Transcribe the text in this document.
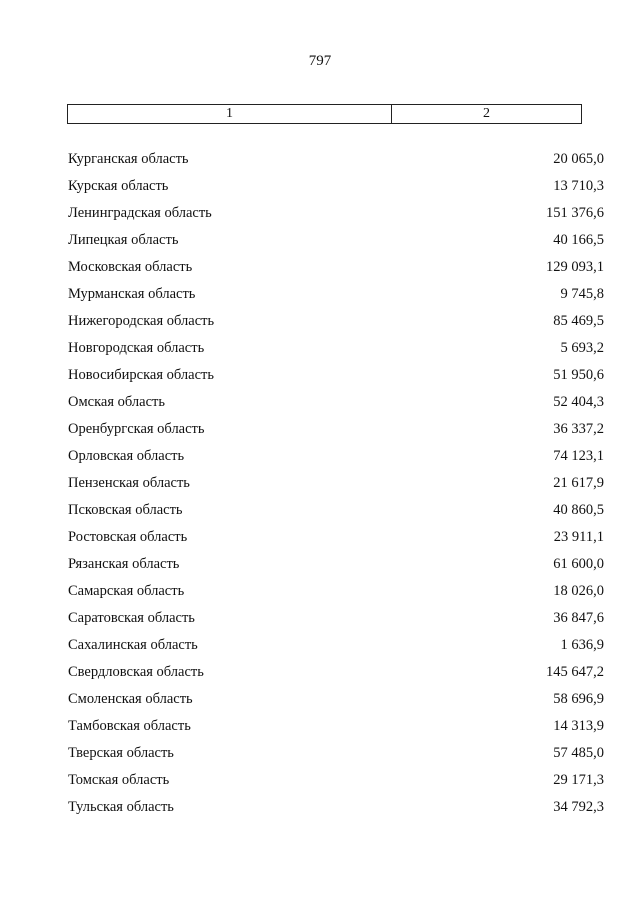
797
1	2
Курганская область	20 065,0
Курская область	13 710,3
Ленинградская область	151 376,6
Липецкая область	40 166,5
Московская область	129 093,1
Мурманская область	9 745,8
Нижегородская область	85 469,5
Новгородская область	5 693,2
Новосибирская область	51 950,6
Омская область	52 404,3
Оренбургская область	36 337,2
Орловская область	74 123,1
Пензенская область	21 617,9
Псковская область	40 860,5
Ростовская область	23 911,1
Рязанская область	61 600,0
Самарская область	18 026,0
Саратовская область	36 847,6
Сахалинская область	1 636,9
Свердловская область	145 647,2
Смоленская область	58 696,9
Тамбовская область	14 313,9
Тверская область	57 485,0
Томская область	29 171,3
Тульская область	34 792,3
